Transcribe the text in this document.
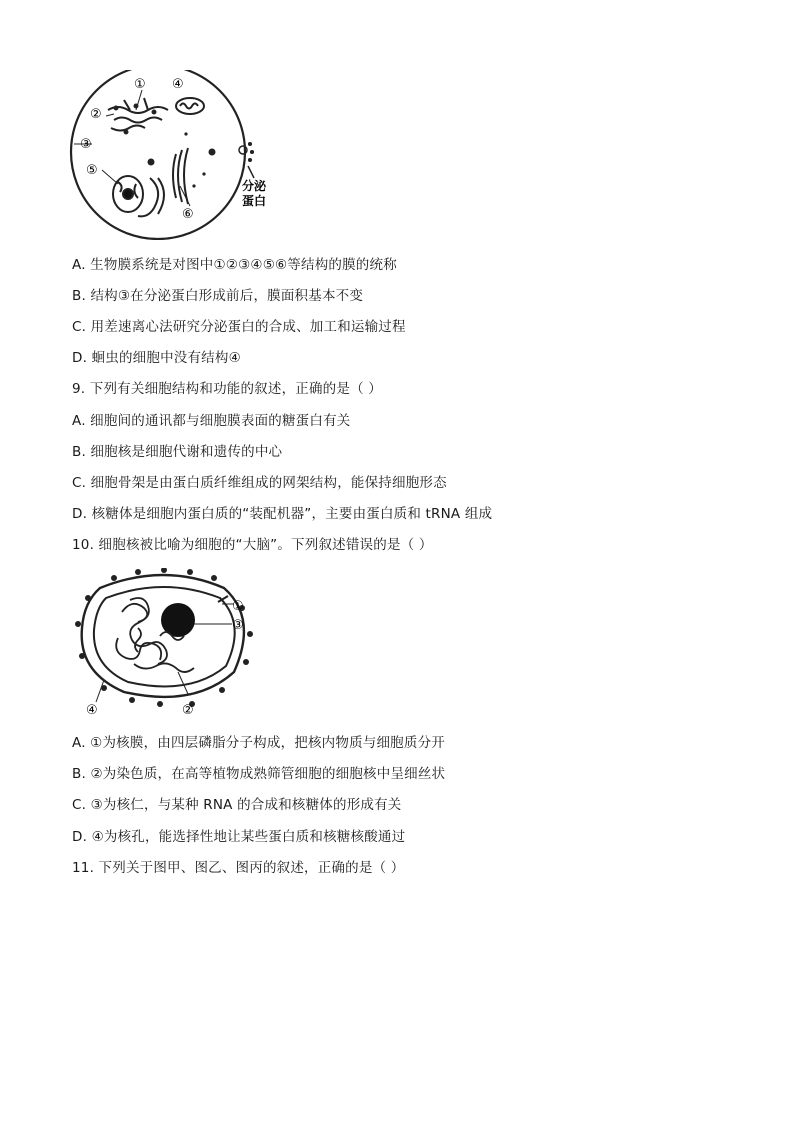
① ④
②
③
⑤
⑥
分泌
蛋白
A. 生物膜系统是对图中①②③④⑤⑥等结构的膜的统称
B. 结构③在分泌蛋白形成前后，膜面积基本不变
C. 用差速离心法研究分泌蛋白的合成、加工和运输过程
D. 蛔虫的细胞中没有结构④
9. 下列有关细胞结构和功能的叙述，正确的是（ ）
A. 细胞间的通讯都与细胞膜表面的糖蛋白有关
B. 细胞核是细胞代谢和遗传的中心
C. 细胞骨架是由蛋白质纤维组成的网架结构，能保持细胞形态
D. 核糖体是细胞内蛋白质的“装配机器”，主要由蛋白质和 tRNA 组成
10. 细胞核被比喻为细胞的“大脑”。下列叙述错误的是（ ）
①
③
④	②
A. ①为核膜，由四层磷脂分子构成，把核内物质与细胞质分开
B. ②为染色质，在高等植物成熟筛管细胞的细胞核中呈细丝状
C. ③为核仁，与某种 RNA 的合成和核糖体的形成有关
D. ④为核孔，能选择性地让某些蛋白质和核糖核酸通过
11. 下列关于图甲、图乙、图丙的叙述，正确的是（ ）
